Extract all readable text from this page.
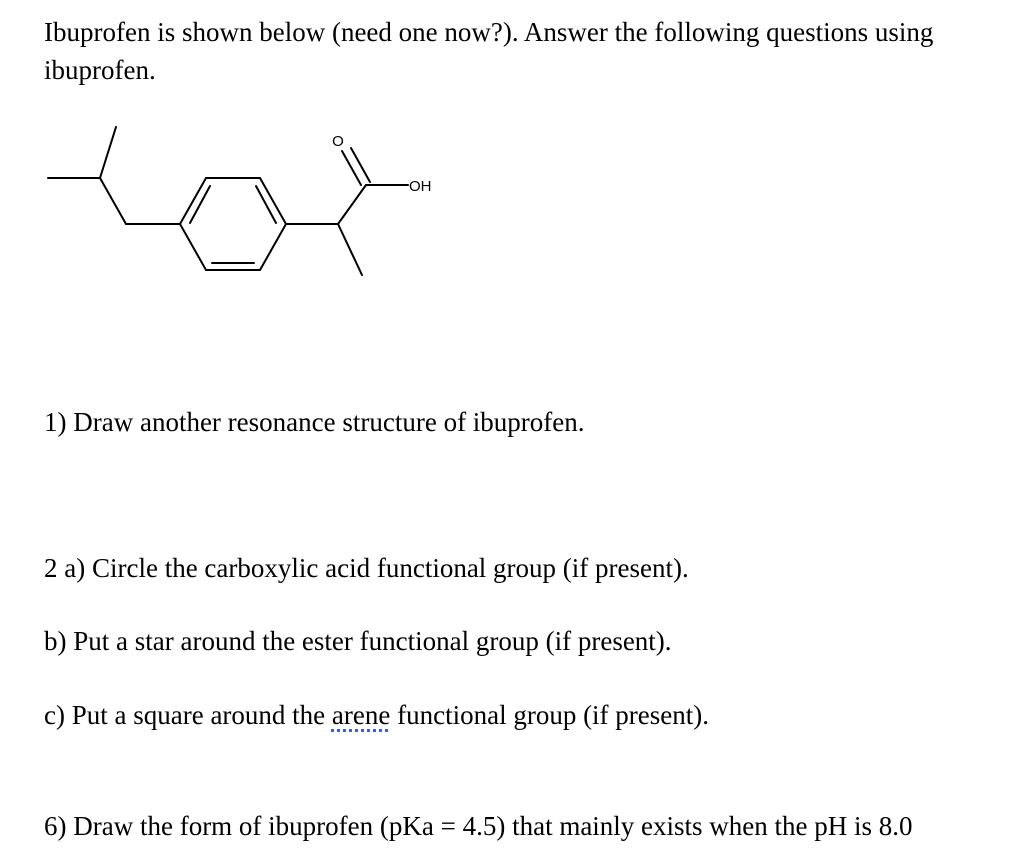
Ibuprofen is shown below (need one now?). Answer the following questions using
ibuprofen.
O
OH
1) Draw another resonance structure of ibuprofen.
2 a) Circle the carboxylic acid functional group (if present).
b) Put a star around the ester functional group (if present).
c) Put a square around the arene functional group (if present).
6) Draw the form of ibuprofen (pKa = 4.5) that mainly exists when the pH is 8.0
